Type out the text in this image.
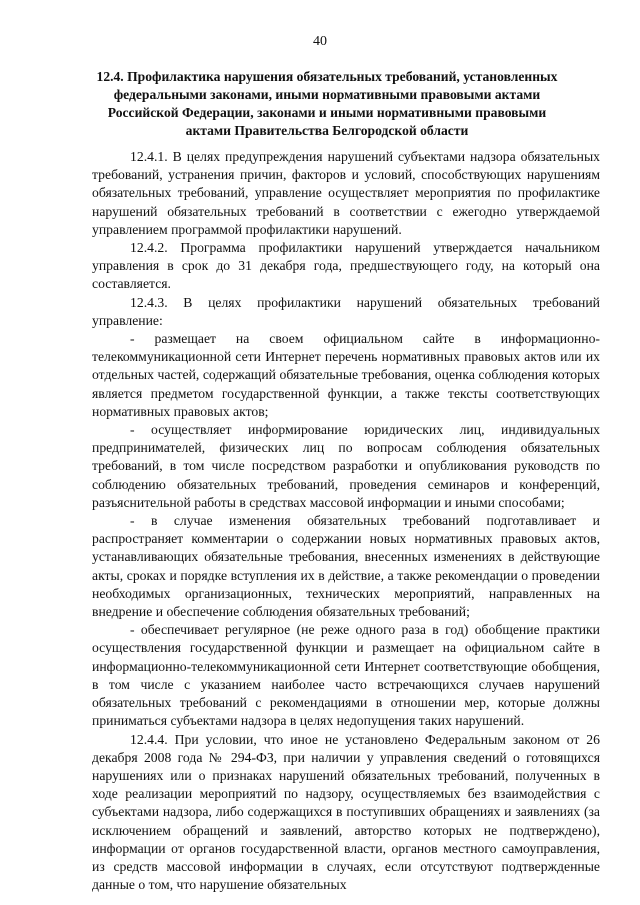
40
12.4. Профилактика нарушения обязательных требований, установленных федеральными законами, иными нормативными правовыми актами Российской Федерации, законами и иными нормативными правовыми актами Правительства Белгородской области

12.4.1. В целях предупреждения нарушений субъектами надзора обязательных требований, устранения причин, факторов и условий, способствующих нарушениям обязательных требований, управление осуществляет мероприятия по профилактике нарушений обязательных требований в соответствии с ежегодно утверждаемой управлением программой профилактики нарушений.

12.4.2. Программа профилактики нарушений утверждается начальником управления в срок до 31 декабря года, предшествующего году, на который она составляется.

12.4.3. В целях профилактики нарушений обязательных требований управление:

- размещает на своем официальном сайте в информационно-телекоммуникационной сети Интернет перечень нормативных правовых актов или их отдельных частей, содержащий обязательные требования, оценка соблюдения которых является предметом государственной функции, а также тексты соответствующих нормативных правовых актов;

- осуществляет информирование юридических лиц, индивидуальных предпринимателей, физических лиц по вопросам соблюдения обязательных требований, в том числе посредством разработки и опубликования руководств по соблюдению обязательных требований, проведения семинаров и конференций, разъяснительной работы в средствах массовой информации и иными способами;

- в случае изменения обязательных требований подготавливает и распространяет комментарии о содержании новых нормативных правовых актов, устанавливающих обязательные требования, внесенных изменениях в действующие акты, сроках и порядке вступления их в действие, а также рекомендации о проведении необходимых организационных, технических мероприятий, направленных на внедрение и обеспечение соблюдения обязательных требований;

- обеспечивает регулярное (не реже одного раза в год) обобщение практики осуществления государственной функции и размещает на официальном сайте в информационно-телекоммуникационной сети Интернет соответствующие обобщения, в том числе с указанием наиболее часто встречающихся случаев нарушений обязательных требований с рекомендациями в отношении мер, которые должны приниматься субъектами надзора в целях недопущения таких нарушений.

12.4.4. При условии, что иное не установлено Федеральным законом от 26 декабря 2008 года № 294-ФЗ, при наличии у управления сведений о готовящихся нарушениях или о признаках нарушений обязательных требований, полученных в ходе реализации мероприятий по надзору, осуществляемых без взаимодействия с субъектами надзора, либо содержащихся в поступивших обращениях и заявлениях (за исключением обращений и заявлений, авторство которых не подтверждено), информации от органов государственной власти, органов местного самоуправления, из средств массовой информации в случаях, если отсутствуют подтвержденные данные о том, что нарушение обязательных
